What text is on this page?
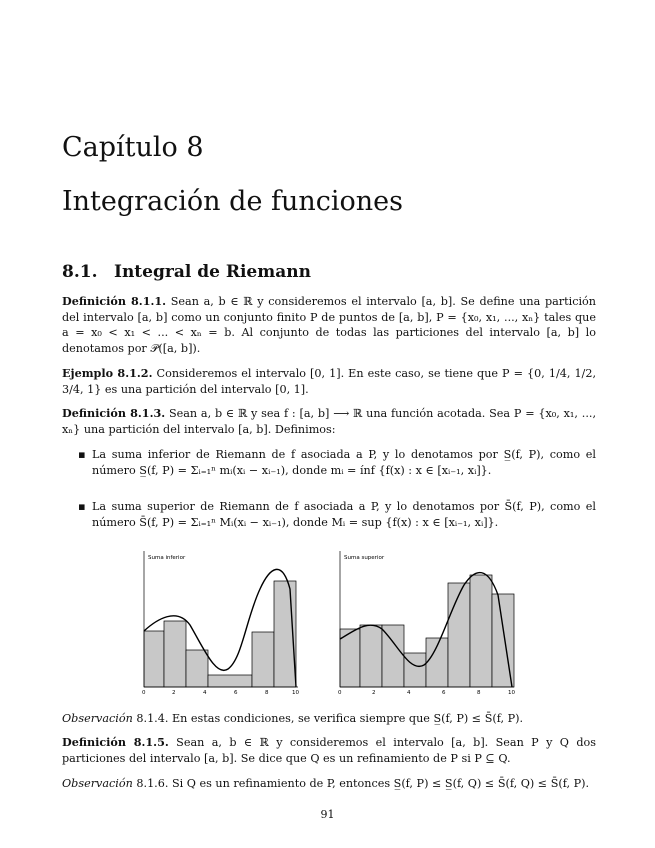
Capítulo 8
Integración de funciones
8.1. Integral de Riemann
Definición 8.1.1. Sean a, b ∈ ℝ y consideremos el intervalo [a, b]. Se define una partición del intervalo [a, b] como un conjunto finito P de puntos de [a, b], P = {x₀, x₁, ..., xₙ} tales que a = x₀ < x₁ < ... < xₙ = b. Al conjunto de todas las particiones del intervalo [a, b] lo denotamos por 𝒫([a, b]).
Ejemplo 8.1.2. Consideremos el intervalo [0, 1]. En este caso, se tiene que P = {0, 1/4, 1/2, 3/4, 1} es una partición del intervalo [0, 1].
Definición 8.1.3. Sean a, b ∈ ℝ y sea f : [a, b] ⟶ ℝ una función acotada. Sea P = {x₀, x₁, ..., xₙ} una partición del intervalo [a, b]. Definimos:
▪ La suma inferior de Riemann de f asociada a P, y lo denotamos por S̲(f, P), como el número S̲(f, P) = Σᵢ₌₁ⁿ mᵢ(xᵢ − xᵢ₋₁), donde mᵢ = ínf {f(x) : x ∈ [xᵢ₋₁, xᵢ]}.
▪ La suma superior de Riemann de f asociada a P, y lo denotamos por S̄(f, P), como el número S̄(f, P) = Σᵢ₌₁ⁿ Mᵢ(xᵢ − xᵢ₋₁), donde Mᵢ = sup {f(x) : x ∈ [xᵢ₋₁, xᵢ]}.
Suma inferior
0	2	4	6	8	10
Suma superior
0	2	4	6	8	10
Observación 8.1.4. En estas condiciones, se verifica siempre que S̲(f, P) ≤ S̄(f, P).
Definición 8.1.5. Sean a, b ∈ ℝ y consideremos el intervalo [a, b]. Sean P y Q dos particiones del intervalo [a, b]. Se dice que Q es un refinamiento de P si P ⊆ Q.
Observación 8.1.6. Si Q es un refinamiento de P, entonces S̲(f, P) ≤ S̲(f, Q) ≤ S̄(f, Q) ≤ S̄(f, P).
91
